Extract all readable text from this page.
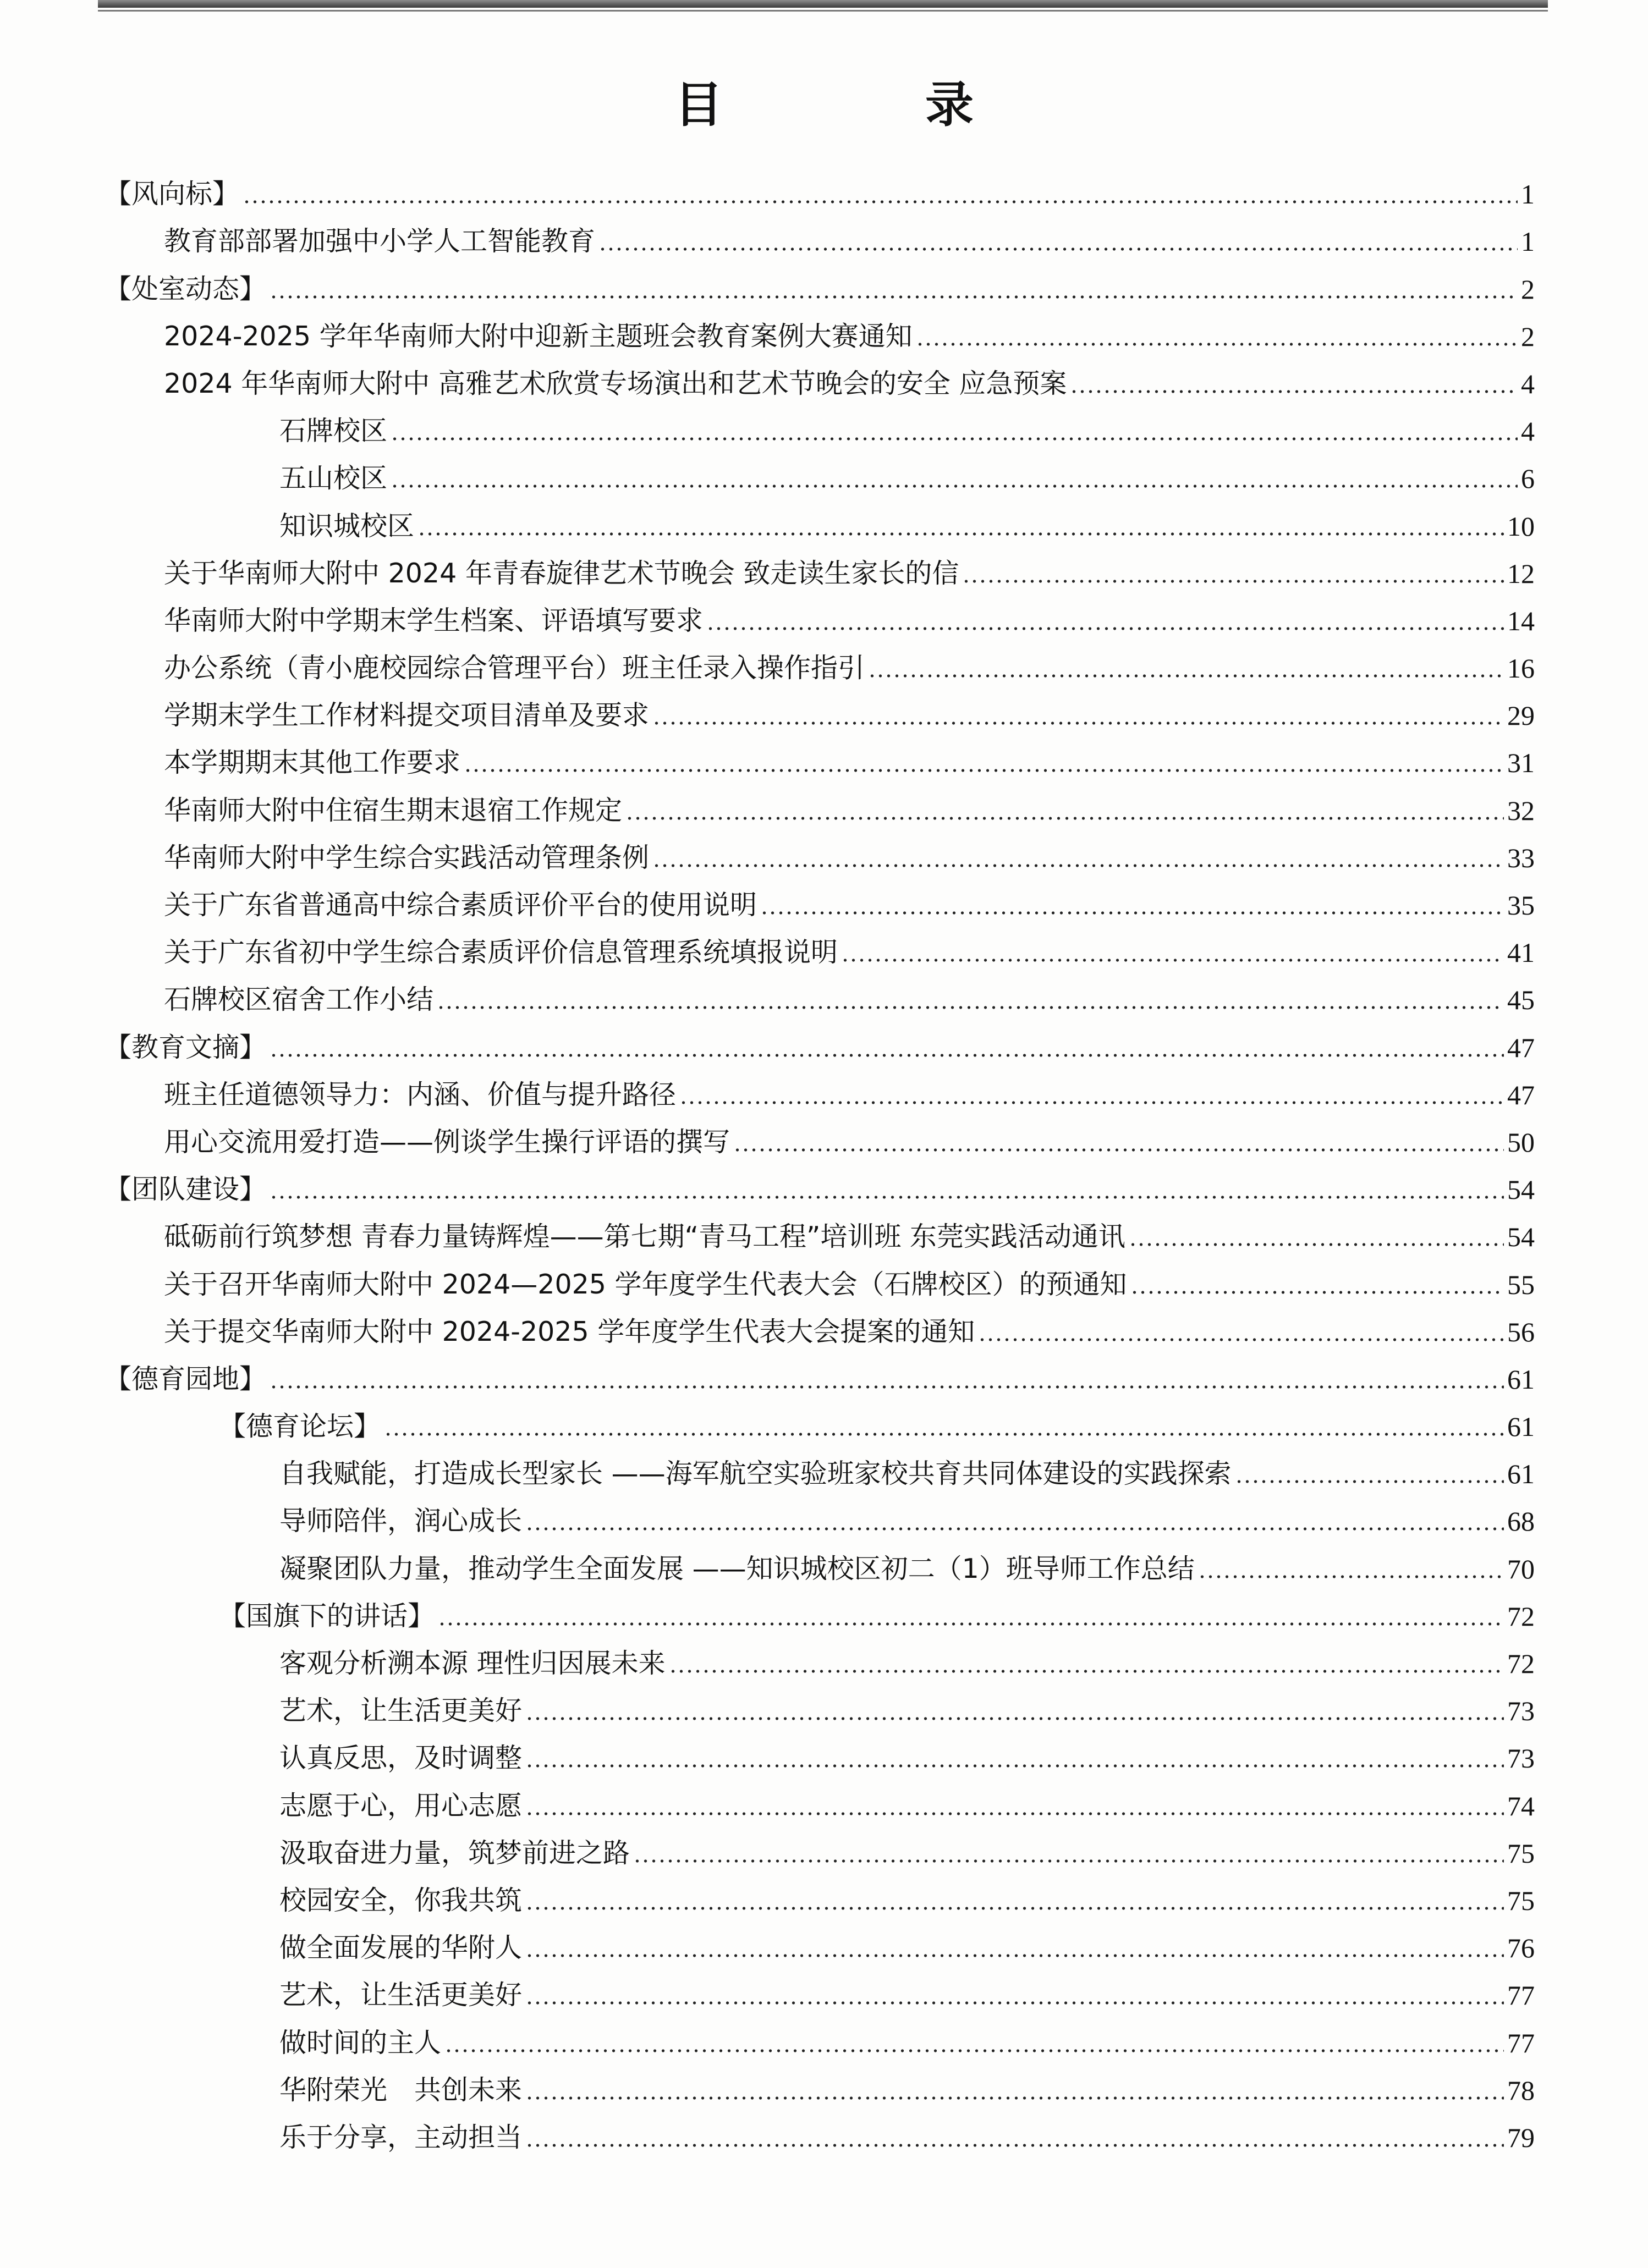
目　录
【风向标】	1
教育部部署加强中小学人工智能教育	1
【处室动态】	2
2024-2025 学年华南师大附中迎新主题班会教育案例大赛通知	2
2024 年华南师大附中 高雅艺术欣赏专场演出和艺术节晚会的安全 应急预案	4
石牌校区	4
五山校区	6
知识城校区	10
关于华南师大附中 2024 年青春旋律艺术节晚会 致走读生家长的信	12
华南师大附中学期末学生档案、评语填写要求	14
办公系统（青小鹿校园综合管理平台）班主任录入操作指引	16
学期末学生工作材料提交项目清单及要求	29
本学期期末其他工作要求	31
华南师大附中住宿生期末退宿工作规定	32
华南师大附中学生综合实践活动管理条例	33
关于广东省普通高中综合素质评价平台的使用说明	35
关于广东省初中学生综合素质评价信息管理系统填报说明	41
石牌校区宿舍工作小结	45
【教育文摘】	47
班主任道德领导力：内涵、价值与提升路径	47
用心交流用爱打造——例谈学生操行评语的撰写	50
【团队建设】	54
砥砺前行筑梦想 青春力量铸辉煌——第七期“青马工程”培训班 东莞实践活动通讯	54
关于召开华南师大附中 2024—2025 学年度学生代表大会（石牌校区）的预通知	55
关于提交华南师大附中 2024-2025 学年度学生代表大会提案的通知	56
【德育园地】	61
【德育论坛】	61
自我赋能，打造成长型家长 ——海军航空实验班家校共育共同体建设的实践探索	61
导师陪伴，润心成长	68
凝聚团队力量，推动学生全面发展 ——知识城校区初二（1）班导师工作总结	70
【国旗下的讲话】	72
客观分析溯本源 理性归因展未来	72
艺术，让生活更美好	73
认真反思，及时调整	73
志愿于心，用心志愿	74
汲取奋进力量，筑梦前进之路	75
校园安全，你我共筑	75
做全面发展的华附人	76
艺术，让生活更美好	77
做时间的主人	77
华附荣光　共创未来	78
乐于分享，主动担当	79
